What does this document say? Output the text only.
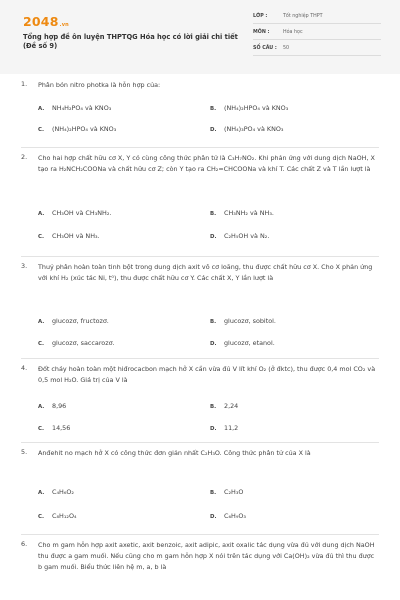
2048.vn
Tổng hợp đề ôn luyện THPTQG Hóa học có lời giải chi tiết (Đề số 9)
LỚP :	Tốt nghiệp THPT
MÔN :	Hóa học
SỐ CÂU : 50
1. Phân bón nitro photka là hỗn hợp của:
A. NH₄H₂PO₄ và KNO₃	B. (NH₄)₂HPO₄ và KNO₃
C. (NH₄)₂HPO₄ và KNO₃	D. (NH₄)₃PO₄ và KNO₃
2. Cho hai hợp chất hữu cơ X, Y có cùng công thức phân tử là C₃H₇NO₂. Khi phản ứng với dung dịch NaOH, X tạo ra H₂NCH₂COONa và chất hữu cơ Z; còn Y tạo ra CH₂=CHCOONa và khí T. Các chất Z và T lần lượt là
A. CH₃OH và CH₃NH₂.	B. CH₃NH₂ và NH₃.
C. CH₃OH và NH₃.	D. C₂H₅OH và N₂.
3. Thuỷ phân hoàn toàn tinh bột trong dung dịch axit vô cơ loãng, thu được chất hữu cơ X. Cho X phản ứng với khí H₂ (xúc tác Ni, t⁰), thu được chất hữu cơ Y. Các chất X, Y lần lượt là
A. glucozơ, fructozơ.	B. glucozơ, sobitol.
C. glucozơ, saccarozơ.	D. glucozơ, etanol.
4. Đốt cháy hoàn toàn một hiđrocacbon mạch hở X cần vừa đủ V lít khí O₂ (ở đktc), thu được 0,4 mol CO₂ và 0,5 mol H₂O. Giá trị của V là
A. 8,96	B. 2,24
C. 14,56	D. 11,2
5. Anđehit no mạch hở X có công thức đơn giản nhất C₂H₃O. Công thức phân tử của X là
A. C₄H₆O₂	B. C₂H₃O
C. C₈H₁₂O₄	D. C₆H₉O₃
6. Cho m gam hỗn hợp axit axetic, axit benzoic, axit adipic, axit oxalic tác dụng vừa đủ với dung dịch NaOH thu được a gam muối. Nếu cũng cho m gam hỗn hợp X nói trên tác dụng với Ca(OH)₂ vừa đủ thì thu được b gam muối. Biểu thức liên hệ m, a, b là
